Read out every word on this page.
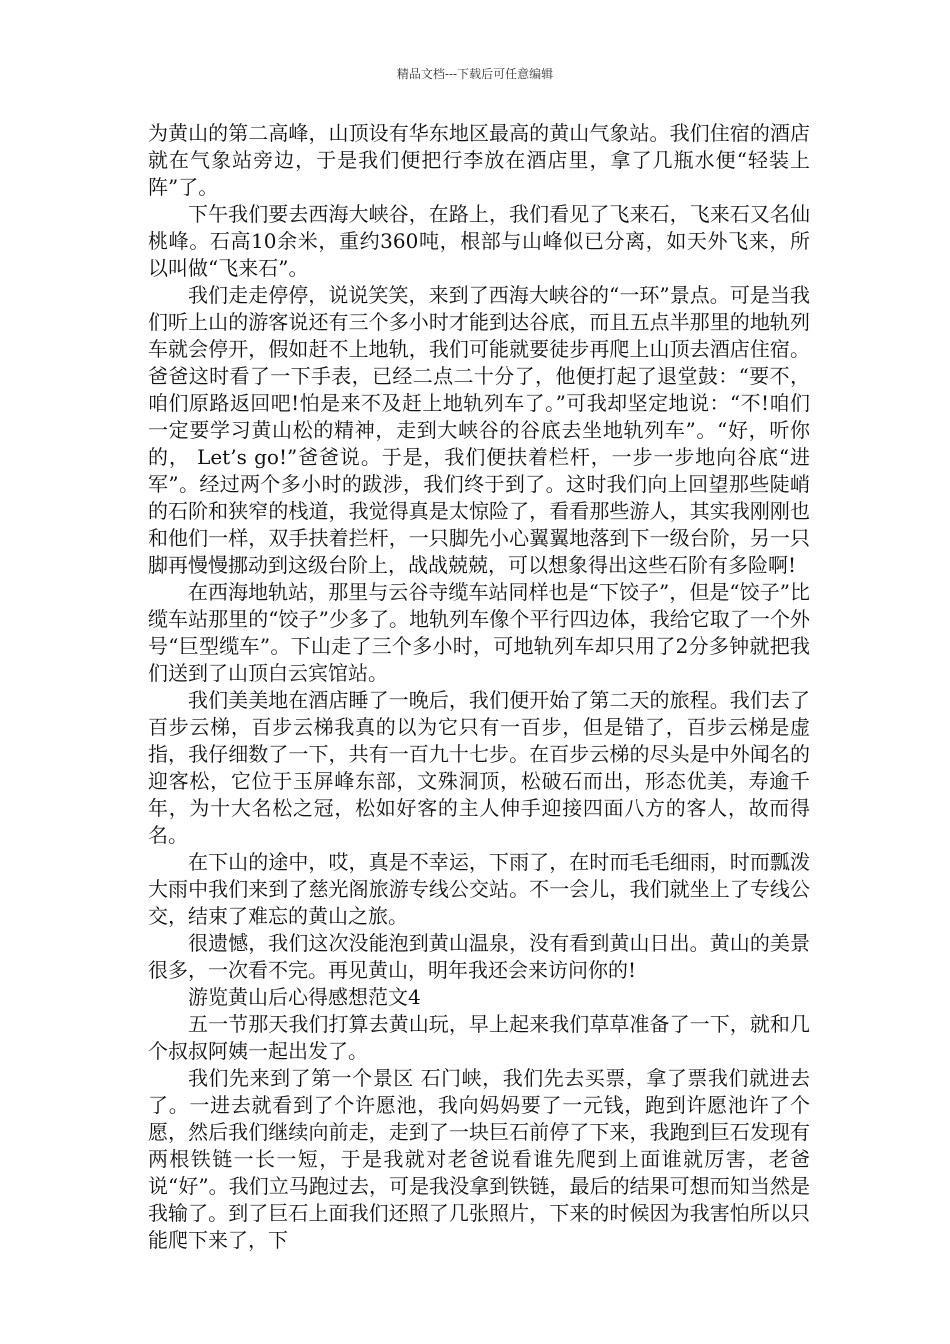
精品文档---下载后可任意编辑

为黄山的第二高峰，山顶设有华东地区最高的黄山气象站。我们住宿的酒店就在气象站旁边，于是我们便把行李放在酒店里，拿了几瓶水便“轻装上阵”了。

下午我们要去西海大峡谷，在路上，我们看见了飞来石，飞来石又名仙桃峰。石高10余米，重约360吨，根部与山峰似已分离，如天外飞来，所以叫做“飞来石”。

我们走走停停，说说笑笑，来到了西海大峡谷的“一环”景点。可是当我们听上山的游客说还有三个多小时才能到达谷底，而且五点半那里的地轨列车就会停开，假如赶不上地轨，我们可能就要徒步再爬上山顶去酒店住宿。爸爸这时看了一下手表，已经二点二十分了，他便打起了退堂鼓：“要不，咱们原路返回吧!怕是来不及赶上地轨列车了。”可我却坚定地说：“不!咱们一定要学习黄山松的精神，走到大峡谷的谷底去坐地轨列车”。“好，听你的， Let’s go!”爸爸说。于是，我们便扶着栏杆，一步一步地向谷底“进军”。经过两个多小时的跋涉，我们终于到了。这时我们向上回望那些陡峭的石阶和狭窄的栈道，我觉得真是太惊险了，看看那些游人，其实我刚刚也和他们一样，双手扶着拦杆，一只脚先小心翼翼地落到下一级台阶，另一只脚再慢慢挪动到这级台阶上，战战兢兢，可以想象得出这些石阶有多险啊!

在西海地轨站，那里与云谷寺缆车站同样也是“下饺子”，但是“饺子”比缆车站那里的“饺子”少多了。地轨列车像个平行四边体，我给它取了一个外号“巨型缆车”。下山走了三个多小时，可地轨列车却只用了2分多钟就把我们送到了山顶白云宾馆站。

我们美美地在酒店睡了一晚后，我们便开始了第二天的旅程。我们去了百步云梯，百步云梯我真的以为它只有一百步，但是错了，百步云梯是虚指，我仔细数了一下，共有一百九十七步。在百步云梯的尽头是中外闻名的迎客松，它位于玉屏峰东部，文殊洞顶，松破石而出，形态优美，寿逾千年，为十大名松之冠，松如好客的主人伸手迎接四面八方的客人，故而得名。

在下山的途中，哎，真是不幸运，下雨了，在时而毛毛细雨，时而瓢泼大雨中我们来到了慈光阁旅游专线公交站。不一会儿，我们就坐上了专线公交，结束了难忘的黄山之旅。

很遗憾，我们这次没能泡到黄山温泉，没有看到黄山日出。黄山的美景很多，一次看不完。再见黄山，明年我还会来访问你的!

游览黄山后心得感想范文4

五一节那天我们打算去黄山玩，早上起来我们草草准备了一下，就和几个叔叔阿姨一起出发了。

我们先来到了第一个景区 石门峡，我们先去买票，拿了票我们就进去了。一进去就看到了个许愿池，我向妈妈要了一元钱，跑到许愿池许了个愿，然后我们继续向前走，走到了一块巨石前停了下来，我跑到巨石发现有两根铁链一长一短，于是我就对老爸说看谁先爬到上面谁就厉害，老爸说“好”。我们立马跑过去，可是我没拿到铁链，最后的结果可想而知当然是我输了。到了巨石上面我们还照了几张照片，下来的时候因为我害怕所以只能爬下来了，下
